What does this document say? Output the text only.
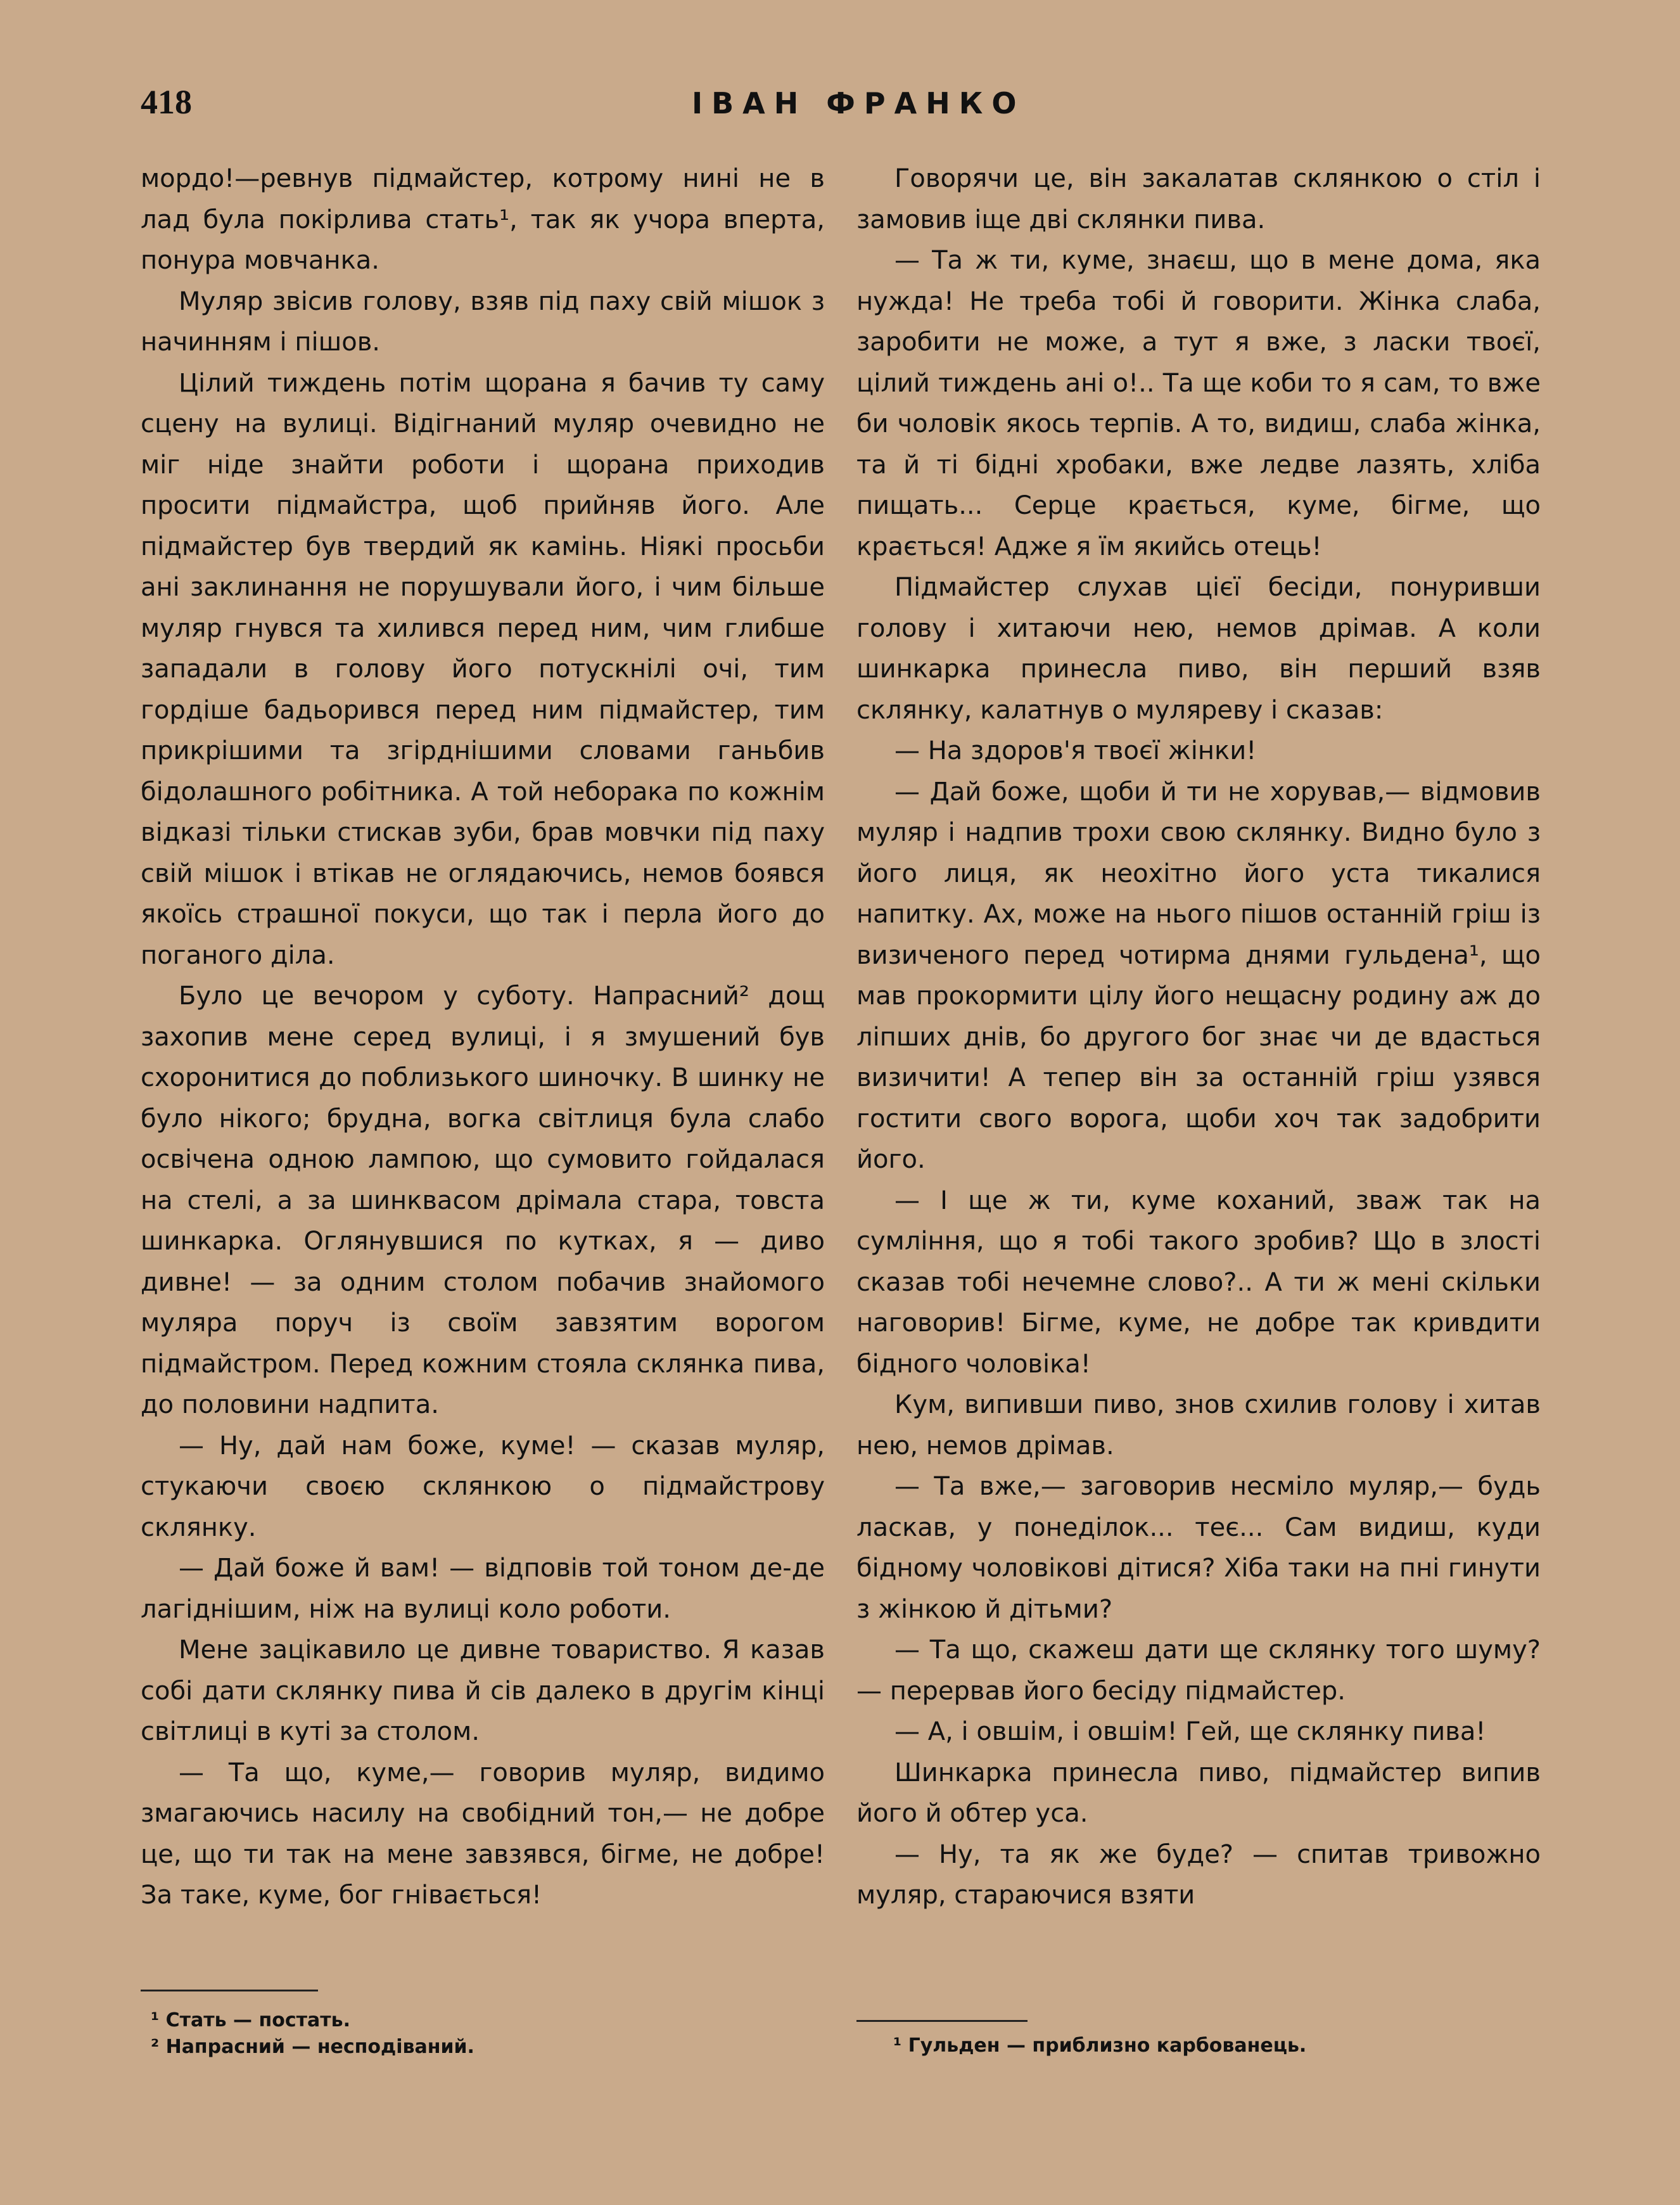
418	ІВАН ФРАНКО

мордо!—ревнув підмайстер, котрому нині не в лад була покірлива стать¹, так як учора вперта, понура мовчанка.

Муляр звісив голову, взяв під паху свій мішок з начинням і пішов.

Цілий тиждень потім щорана я бачив ту саму сцену на вулиці. Відігнаний муляр очевидно не міг ніде знайти роботи і щорана приходив просити підмайстра, щоб прийняв його. Але підмайстер був твердий як камінь. Ніякі просьби ані заклинання не порушували його, і чим більше муляр гнувся та хилився перед ним, чим глибше западали в голову його потускнілі очі, тим гордіше бадьорився перед ним підмайстер, тим прикрішими та згірднішими словами ганьбив бідолашного робітника. А той неборака по кожнім відказі тільки стискав зуби, брав мовчки під паху свій мішок і втікав не оглядаючись, немов боявся якоїсь страшної покуси, що так і перла його до поганого діла.

Було це вечором у суботу. Напрасний² дощ захопив мене серед вулиці, і я змушений був схоронитися до поблизького шиночку. В шинку не було нікого; брудна, вогка світлиця була слабо освічена одною лампою, що сумовито гойдалася на стелі, а за шинквасом дрімала стара, товста шинкарка. Оглянувшися по кутках, я — диво дивне! — за одним столом побачив знайомого муляра поруч із своїм завзятим ворогом підмайстром. Перед кожним стояла склянка пива, до половини надпита.

— Ну, дай нам боже, куме! — сказав муляр, стукаючи своєю склянкою о підмайстрову склянку.

— Дай боже й вам! — відповів той тоном де-де лагіднішим, ніж на вулиці коло роботи.

Мене зацікавило це дивне товариство. Я казав собі дати склянку пива й сів далеко в другім кінці світлиці в куті за столом.

— Та що, куме,— говорив муляр, видимо змагаючись насилу на свобідний тон,— не добре це, що ти так на мене завзявся, бігме, не добре! За таке, куме, бог гнівається!

Говорячи це, він закалатав склянкою о стіл і замовив іще дві склянки пива.

— Та ж ти, куме, знаєш, що в мене дома, яка нужда! Не треба тобі й говорити. Жінка слаба, заробити не може, а тут я вже, з ласки твоєї, цілий тиждень ані о!.. Та ще коби то я сам, то вже би чоловік якось терпів. А то, видиш, слаба жінка, та й ті бідні хробаки, вже ледве лазять, хліба пищать... Серце крається, куме, бігме, що крається! Адже я їм якийсь отець!

Підмайстер слухав цієї бесіди, понуривши голову і хитаючи нею, немов дрімав. А коли шинкарка принесла пиво, він перший взяв склянку, калатнув о муляреву і сказав:

— На здоров'я твоєї жінки!

— Дай боже, щоби й ти не хорував,— відмовив муляр і надпив трохи свою склянку. Видно було з його лиця, як неохітно його уста тикалися напитку. Ах, може на нього пішов останній гріш із визиченого перед чотирма днями гульдена¹, що мав прокормити цілу його нещасну родину аж до ліпших днів, бо другого бог знає чи де вдасться визичити! А тепер він за останній гріш узявся гостити свого ворога, щоби хоч так задобрити його.

— І ще ж ти, куме коханий, зваж так на сумління, що я тобі такого зробив? Що в злості сказав тобі нечемне слово?.. А ти ж мені скільки наговорив! Бігме, куме, не добре так кривдити бідного чоловіка!

Кум, випивши пиво, знов схилив голову і хитав нею, немов дрімав.

— Та вже,— заговорив несміло муляр,— будь ласкав, у понеділок... теє... Сам видиш, куди бідному чоловікові дітися? Хіба таки на пні гинути з жінкою й дітьми?

— Та що, скажеш дати ще склянку того шуму? — перервав його бесіду підмайстер.

— А, і овшім, і овшім! Гей, ще склянку пива!

Шинкарка принесла пиво, підмайстер випив його й обтер уса.

— Ну, та як же буде? — спитав тривожно муляр, стараючися взяти

¹ Стать — постать.
² Напрасний — несподіваний.	¹ Гульден — приблизно карбованець.
